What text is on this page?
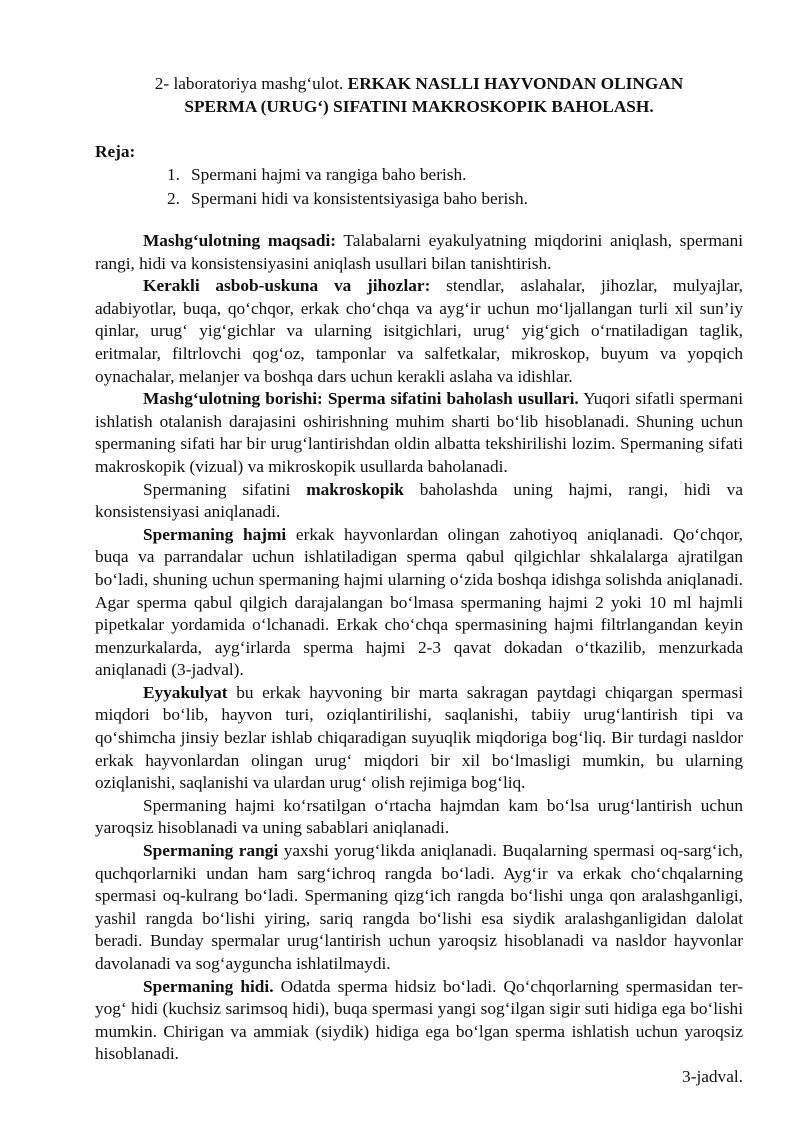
2- laboratoriya mashg‘ulot. ERKAK NASLLI HAYVONDAN OLINGAN
SPERMA (URUG‘) SIFATINI MAKROSKOPIK BAHOLASH.

Reja:
1. Spermani hajmi va rangiga baho berish.
2. Spermani hidi va konsistentsiyasiga baho berish.

Mashg‘ulotning maqsadi: Talabalarni eyakulyatning miqdorini aniqlash, spermani rangi, hidi va konsistensiyasini aniqlash usullari bilan tanishtirish.

Kerakli asbob-uskuna va jihozlar: stendlar, aslahalar, jihozlar, mulyajlar, adabiyotlar, buqa, qo‘chqor, erkak cho‘chqa va ayg‘ir uchun mo‘ljallangan turli xil sun’iy qinlar, urug‘ yig‘gichlar va ularning isitgichlari, urug‘ yig‘gich o‘rnatiladigan taglik, eritmalar, filtrlovchi qog‘oz, tamponlar va salfetkalar, mikroskop, buyum va yopqich oynachalar, melanjer va boshqa dars uchun kerakli aslaha va idishlar.

Mashg‘ulotning borishi: Sperma sifatini baholash usullari. Yuqori sifatli spermani ishlatish otalanish darajasini oshirishning muhim sharti bo‘lib hisoblanadi. Shuning uchun spermaning sifati har bir urug‘lantirishdan oldin albatta tekshirilishi lozim. Spermaning sifati makroskopik (vizual) va mikroskopik usullarda baholanadi.

Spermaning sifatini makroskopik baholashda uning hajmi, rangi, hidi va konsistensiyasi aniqlanadi.

Spermaning hajmi erkak hayvonlardan olingan zahotiyoq aniqlanadi. Qo‘chqor, buqa va parrandalar uchun ishlatiladigan sperma qabul qilgichlar shkalalarga ajratilgan bo‘ladi, shuning uchun spermaning hajmi ularning o‘zida boshqa idishga solishda aniqlanadi. Agar sperma qabul qilgich darajalangan bo‘lmasa spermaning hajmi 2 yoki 10 ml hajmli pipetkalar yordamida o‘lchanadi. Erkak cho‘chqa spermasining hajmi filtrlangandan keyin menzurkalarda, ayg‘irlarda sperma hajmi 2-3 qavat dokadan o‘tkazilib, menzurkada aniqlanadi (3-jadval).

Eyyakulyat bu erkak hayvoning bir marta sakragan paytdagi chiqargan spermasi miqdori bo‘lib, hayvon turi, oziqlantirilishi, saqlanishi, tabiiy urug‘lantirish tipi va qo‘shimcha jinsiy bezlar ishlab chiqaradigan suyuqlik miqdoriga bog‘liq. Bir turdagi nasldor erkak hayvonlardan olingan urug‘ miqdori bir xil bo‘lmasligi mumkin, bu ularning oziqlanishi, saqlanishi va ulardan urug‘ olish rejimiga bog‘liq.

Spermaning hajmi ko‘rsatilgan o‘rtacha hajmdan kam bo‘lsa urug‘lantirish uchun yaroqsiz hisoblanadi va uning sabablari aniqlanadi.

Spermaning rangi yaxshi yorug‘likda aniqlanadi. Buqalarning spermasi oq-sarg‘ich, quchqorlarniki undan ham sarg‘ichroq rangda bo‘ladi. Ayg‘ir va erkak cho‘chqalarning spermasi oq-kulrang bo‘ladi. Spermaning qizg‘ich rangda bo‘lishi unga qon aralashganligi, yashil rangda bo‘lishi yiring, sariq rangda bo‘lishi esa siydik aralashganligidan dalolat beradi. Bunday spermalar urug‘lantirish uchun yaroqsiz hisoblanadi va nasldor hayvonlar davolanadi va sog‘ayguncha ishlatilmaydi.

Spermaning hidi. Odatda sperma hidsiz bo‘ladi. Qo‘chqorlarning spermasidan ter-yog‘ hidi (kuchsiz sarimsoq hidi), buqa spermasi yangi sog‘ilgan sigir suti hidiga ega bo‘lishi mumkin. Chirigan va ammiak (siydik) hidiga ega bo‘lgan sperma ishlatish uchun yaroqsiz hisoblanadi.

3-jadval.
